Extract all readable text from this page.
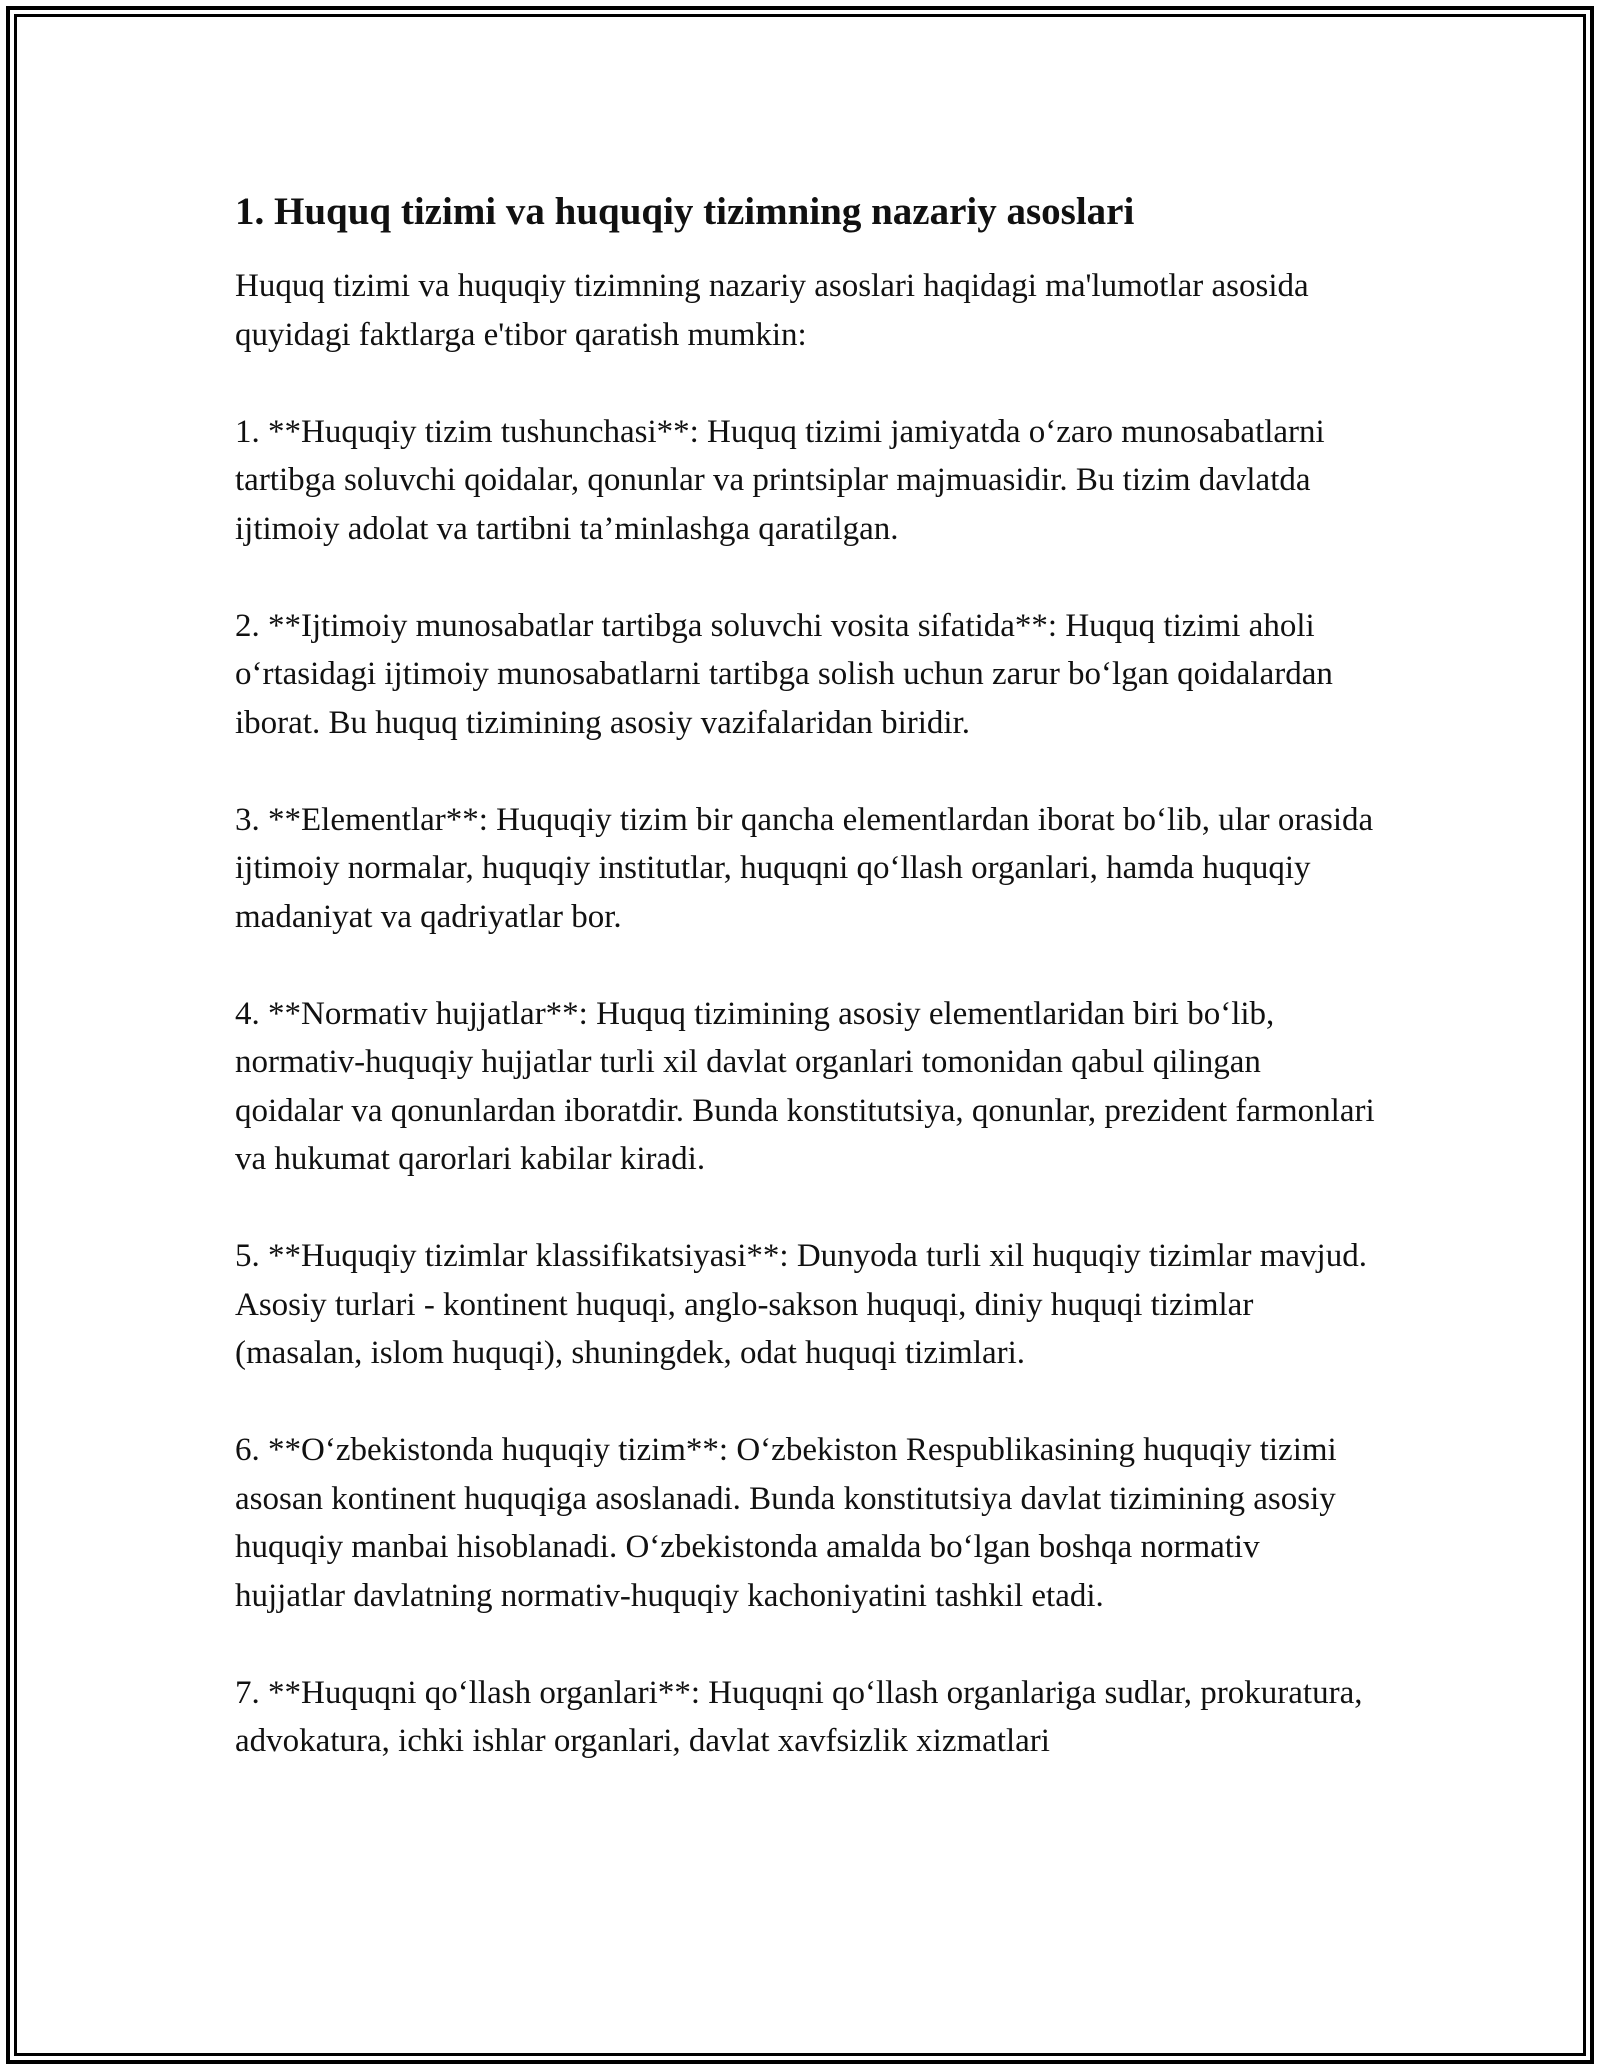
1. Huquq tizimi va huquqiy tizimning nazariy asoslari

Huquq tizimi va huquqiy tizimning nazariy asoslari haqidagi ma'lumotlar asosida quyidagi faktlarga e'tibor qaratish mumkin:

1. **Huquqiy tizim tushunchasi**: Huquq tizimi jamiyatda o‘zaro munosabatlarni tartibga soluvchi qoidalar, qonunlar va printsiplar majmuasidir. Bu tizim davlatda ijtimoiy adolat va tartibni ta’minlashga qaratilgan.

2. **Ijtimoiy munosabatlar tartibga soluvchi vosita sifatida**: Huquq tizimi aholi o‘rtasidagi ijtimoiy munosabatlarni tartibga solish uchun zarur bo‘lgan qoidalardan iborat. Bu huquq tizimining asosiy vazifalaridan biridir.

3. **Elementlar**: Huquqiy tizim bir qancha elementlardan iborat bo‘lib, ular orasida ijtimoiy normalar, huquqiy institutlar, huquqni qo‘llash organlari, hamda huquqiy madaniyat va qadriyatlar bor.

4. **Normativ hujjatlar**: Huquq tizimining asosiy elementlaridan biri bo‘lib, normativ-huquqiy hujjatlar turli xil davlat organlari tomonidan qabul qilingan qoidalar va qonunlardan iboratdir. Bunda konstitutsiya, qonunlar, prezident farmonlari va hukumat qarorlari kabilar kiradi.

5. **Huquqiy tizimlar klassifikatsiyasi**: Dunyoda turli xil huquqiy tizimlar mavjud. Asosiy turlari - kontinent huquqi, anglo-sakson huquqi, diniy huquqi tizimlar (masalan, islom huquqi), shuningdek, odat huquqi tizimlari.

6. **O‘zbekistonda huquqiy tizim**: O‘zbekiston Respublikasining huquqiy tizimi asosan kontinent huquqiga asoslanadi. Bunda konstitutsiya davlat tizimining asosiy huquqiy manbai hisoblanadi. O‘zbekistonda amalda bo‘lgan boshqa normativ hujjatlar davlatning normativ-huquqiy kachoniyatini tashkil etadi.

7. **Huquqni qo‘llash organlari**: Huquqni qo‘llash organlariga sudlar, prokuratura, advokatura, ichki ishlar organlari, davlat xavfsizlik xizmatlari
